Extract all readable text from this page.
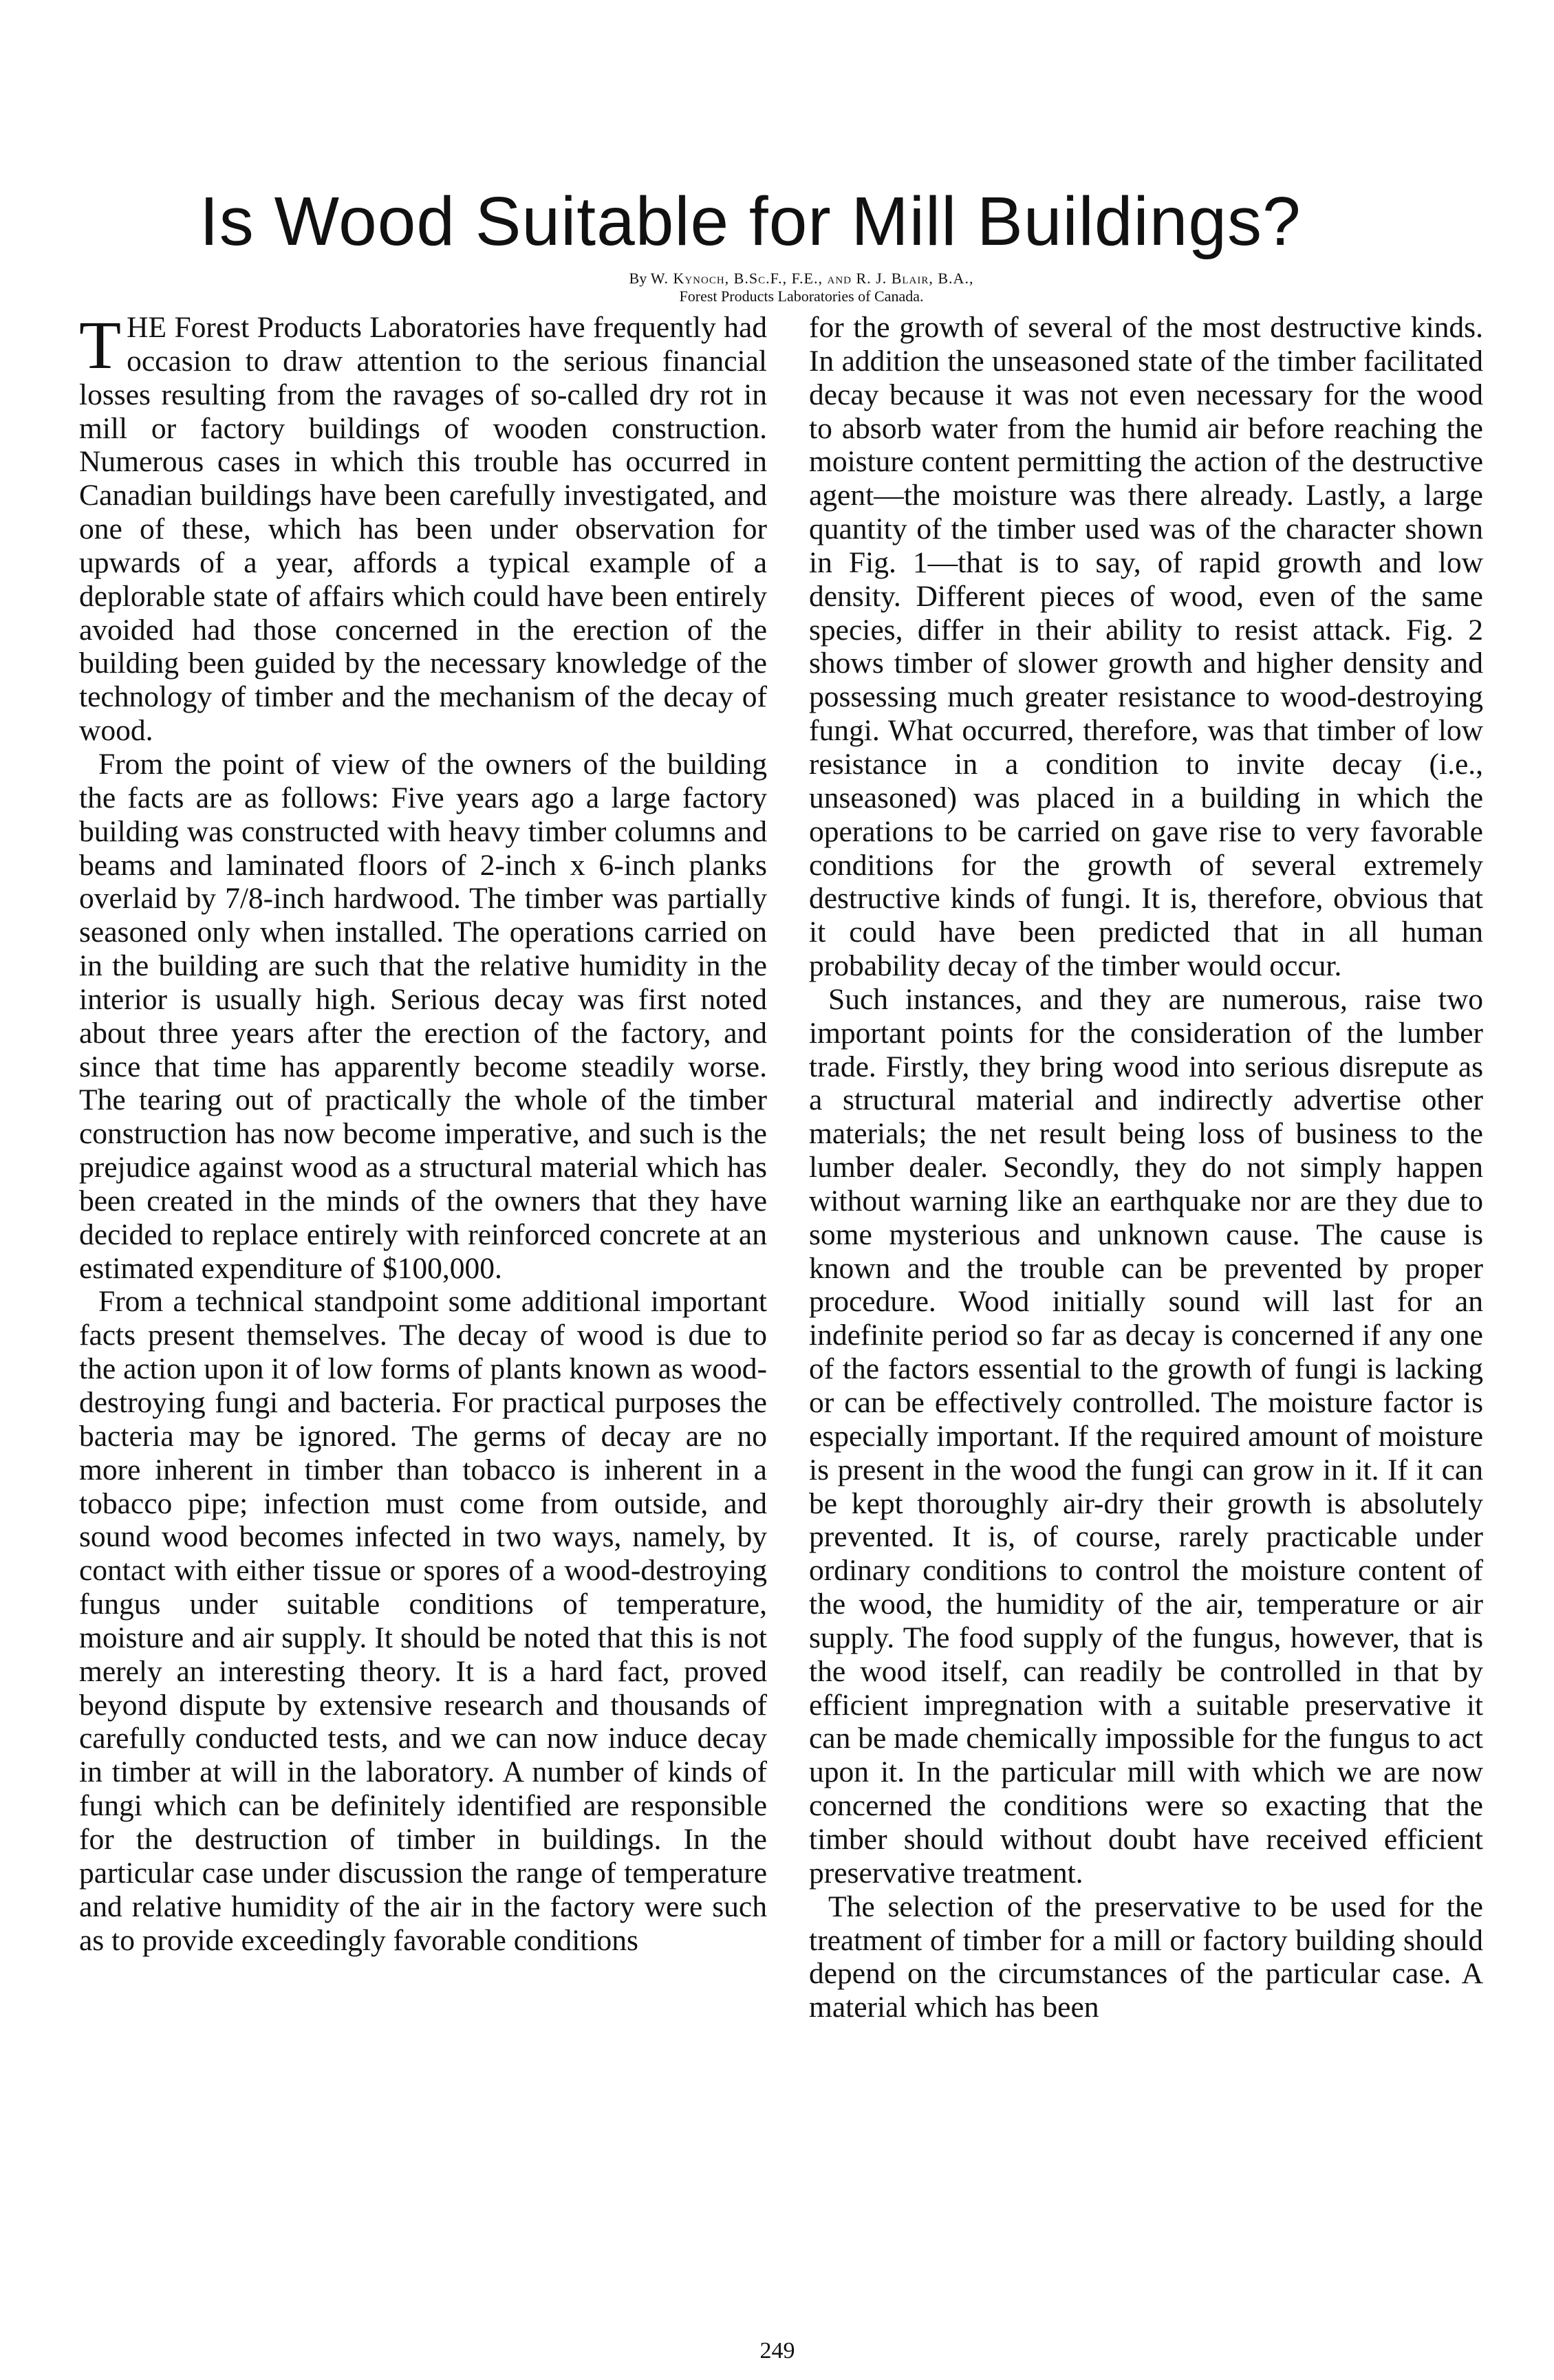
Is Wood Suitable for Mill Buildings?
By W. Kynoch, B.Sc.F., F.E., and R. J. Blair, B.A.,
Forest Products Laboratories of Canada.

THE Forest Products Laboratories have frequently had occasion to draw attention to the serious financial losses resulting from the ravages of so-called dry rot in mill or factory buildings of wooden construction. Numerous cases in which this trouble has occurred in Canadian buildings have been carefully investigated, and one of these, which has been under observation for upwards of a year, affords a typical example of a deplorable state of affairs which could have been entirely avoided had those concerned in the erection of the building been guided by the necessary knowledge of the technology of timber and the mechanism of the decay of wood.

From the point of view of the owners of the building the facts are as follows: Five years ago a large factory building was constructed with heavy timber columns and beams and laminated floors of 2-inch x 6-inch planks overlaid by 7/8-inch hardwood. The timber was partially seasoned only when installed. The operations carried on in the building are such that the relative humidity in the interior is usually high. Serious decay was first noted about three years after the erection of the factory, and since that time has apparently become steadily worse. The tearing out of practically the whole of the timber construction has now become imperative, and such is the prejudice against wood as a structural material which has been created in the minds of the owners that they have decided to replace entirely with reinforced concrete at an estimated expenditure of $100,000.

From a technical standpoint some additional important facts present themselves. The decay of wood is due to the action upon it of low forms of plants known as wood-destroying fungi and bacteria. For practical purposes the bacteria may be ignored. The germs of decay are no more inherent in timber than tobacco is inherent in a tobacco pipe; infection must come from outside, and sound wood becomes infected in two ways, namely, by contact with either tissue or spores of a wood-destroying fungus under suitable conditions of temperature, moisture and air supply. It should be noted that this is not merely an interesting theory. It is a hard fact, proved beyond dispute by extensive research and thousands of carefully conducted tests, and we can now induce decay in timber at will in the laboratory. A number of kinds of fungi which can be definitely identified are responsible for the destruction of timber in buildings. In the particular case under discussion the range of temperature and relative humidity of the air in the factory were such as to provide exceedingly favorable conditions

for the growth of several of the most destructive kinds. In addition the unseasoned state of the timber facilitated decay because it was not even necessary for the wood to absorb water from the humid air before reaching the moisture content permitting the action of the destructive agent—the moisture was there already. Lastly, a large quantity of the timber used was of the character shown in Fig. 1—that is to say, of rapid growth and low density. Different pieces of wood, even of the same species, differ in their ability to resist attack. Fig. 2 shows timber of slower growth and higher density and possessing much greater resistance to wood-destroying fungi. What occurred, therefore, was that timber of low resistance in a condition to invite decay (i.e., unseasoned) was placed in a building in which the operations to be carried on gave rise to very favorable conditions for the growth of several extremely destructive kinds of fungi. It is, therefore, obvious that it could have been predicted that in all human probability decay of the timber would occur.

Such instances, and they are numerous, raise two important points for the consideration of the lumber trade. Firstly, they bring wood into serious disrepute as a structural material and indirectly advertise other materials; the net result being loss of business to the lumber dealer. Secondly, they do not simply happen without warning like an earthquake nor are they due to some mysterious and unknown cause. The cause is known and the trouble can be prevented by proper procedure. Wood initially sound will last for an indefinite period so far as decay is concerned if any one of the factors essential to the growth of fungi is lacking or can be effectively controlled. The moisture factor is especially important. If the required amount of moisture is present in the wood the fungi can grow in it. If it can be kept thoroughly air-dry their growth is absolutely prevented. It is, of course, rarely practicable under ordinary conditions to control the moisture content of the wood, the humidity of the air, temperature or air supply. The food supply of the fungus, however, that is the wood itself, can readily be controlled in that by efficient impregnation with a suitable preservative it can be made chemically impossible for the fungus to act upon it. In the particular mill with which we are now concerned the conditions were so exacting that the timber should without doubt have received efficient preservative treatment.

The selection of the preservative to be used for the treatment of timber for a mill or factory building should depend on the circumstances of the particular case. A material which has been

249
